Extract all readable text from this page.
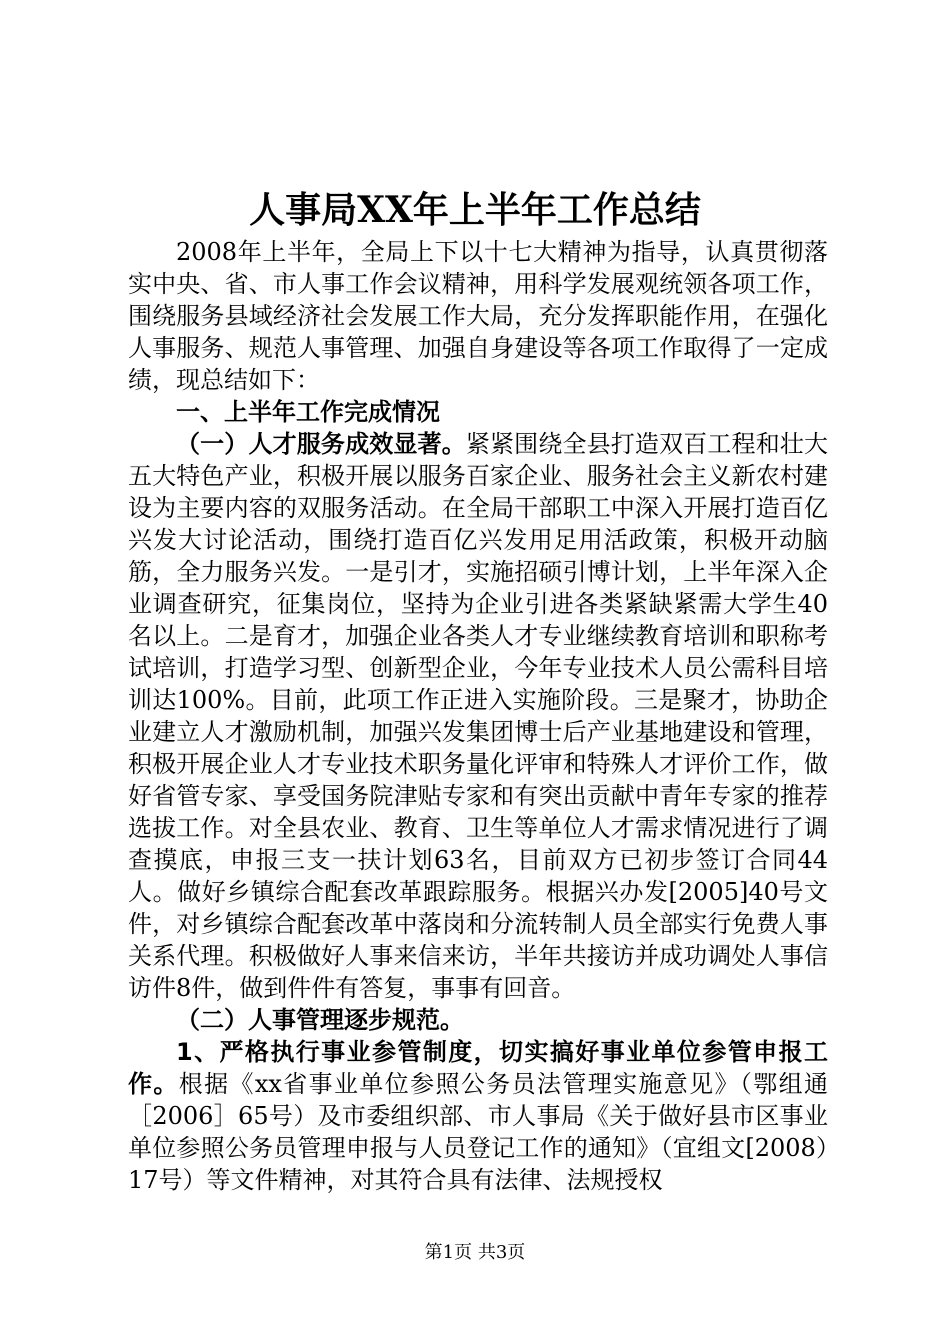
人事局XX年上半年工作总结

2008年上半年，全局上下以十七大精神为指导，认真贯彻落实中央、省、市人事工作会议精神，用科学发展观统领各项工作，围绕服务县域经济社会发展工作大局，充分发挥职能作用，在强化人事服务、规范人事管理、加强自身建设等各项工作取得了一定成绩，现总结如下：

一、上半年工作完成情况

（一）人才服务成效显著。紧紧围绕全县打造双百工程和壮大五大特色产业，积极开展以服务百家企业、服务社会主义新农村建设为主要内容的双服务活动。在全局干部职工中深入开展打造百亿兴发大讨论活动，围绕打造百亿兴发用足用活政策，积极开动脑筋，全力服务兴发。一是引才，实施招硕引博计划，上半年深入企业调查研究，征集岗位，坚持为企业引进各类紧缺紧需大学生40名以上。二是育才，加强企业各类人才专业继续教育培训和职称考试培训，打造学习型、创新型企业，今年专业技术人员公需科目培训达100%。目前，此项工作正进入实施阶段。三是聚才，协助企业建立人才激励机制，加强兴发集团博士后产业基地建设和管理，积极开展企业人才专业技术职务量化评审和特殊人才评价工作，做好省管专家、享受国务院津贴专家和有突出贡献中青年专家的推荐选拔工作。对全县农业、教育、卫生等单位人才需求情况进行了调查摸底，申报三支一扶计划63名，目前双方已初步签订合同44人。做好乡镇综合配套改革跟踪服务。根据兴办发[2005]40号文件，对乡镇综合配套改革中落岗和分流转制人员全部实行免费人事关系代理。积极做好人事来信来访，半年共接访并成功调处人事信访件8件，做到件件有答复，事事有回音。

（二）人事管理逐步规范。

1、严格执行事业参管制度，切实搞好事业单位参管申报工作。根据《xx省事业单位参照公务员法管理实施意见》（鄂组通［2006］65号）及市委组织部、市人事局《关于做好县市区事业单位参照公务员管理申报与人员登记工作的通知》（宜组文[2008）17号）等文件精神，对其符合具有法律、法规授权

第1页 共3页
